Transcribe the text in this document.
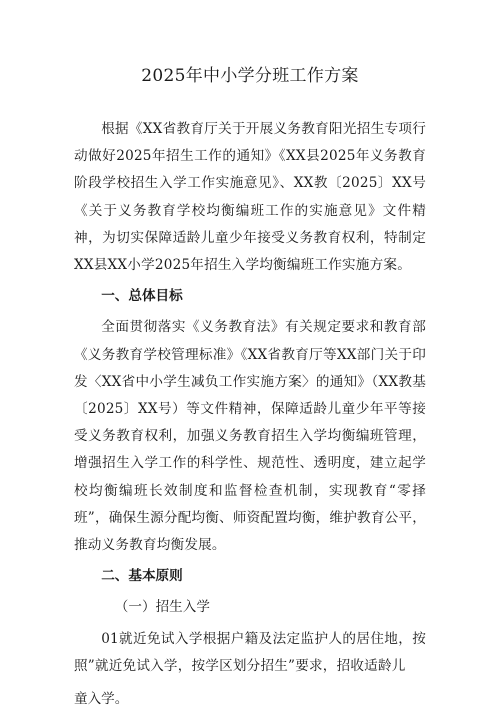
2025年中小学分班工作方案

根据《XX省教育厅关于开展义务教育阳光招生专项行动做好2025年招生工作的通知》《XX县2025年义务教育阶段学校招生入学工作实施意见》、XX教〔2025〕XX号《关于义务教育学校均衡编班工作的实施意见》文件精神，为切实保障适龄儿童少年接受义务教育权利，特制定XX县XX小学2025年招生入学均衡编班工作实施方案。

一、总体目标

全面贯彻落实《义务教育法》有关规定要求和教育部《义务教育学校管理标准》《XX省教育厅等XX部门关于印发〈XX省中小学生减负工作实施方案〉的通知》（XX教基〔2025〕XX号）等文件精神，保障适龄儿童少年平等接受义务教育权利，加强义务教育招生入学均衡编班管理，增强招生入学工作的科学性、规范性、透明度，建立起学校均衡编班长效制度和监督检查机制，实现教育“零择班”，确保生源分配均衡、师资配置均衡，维护教育公平，推动义务教育均衡发展。

二、基本原则

（一）招生入学

01就近免试入学根据户籍及法定监护人的居住地，按照”就近免试入学，按学区划分招生”要求，招收适龄儿

童入学。
